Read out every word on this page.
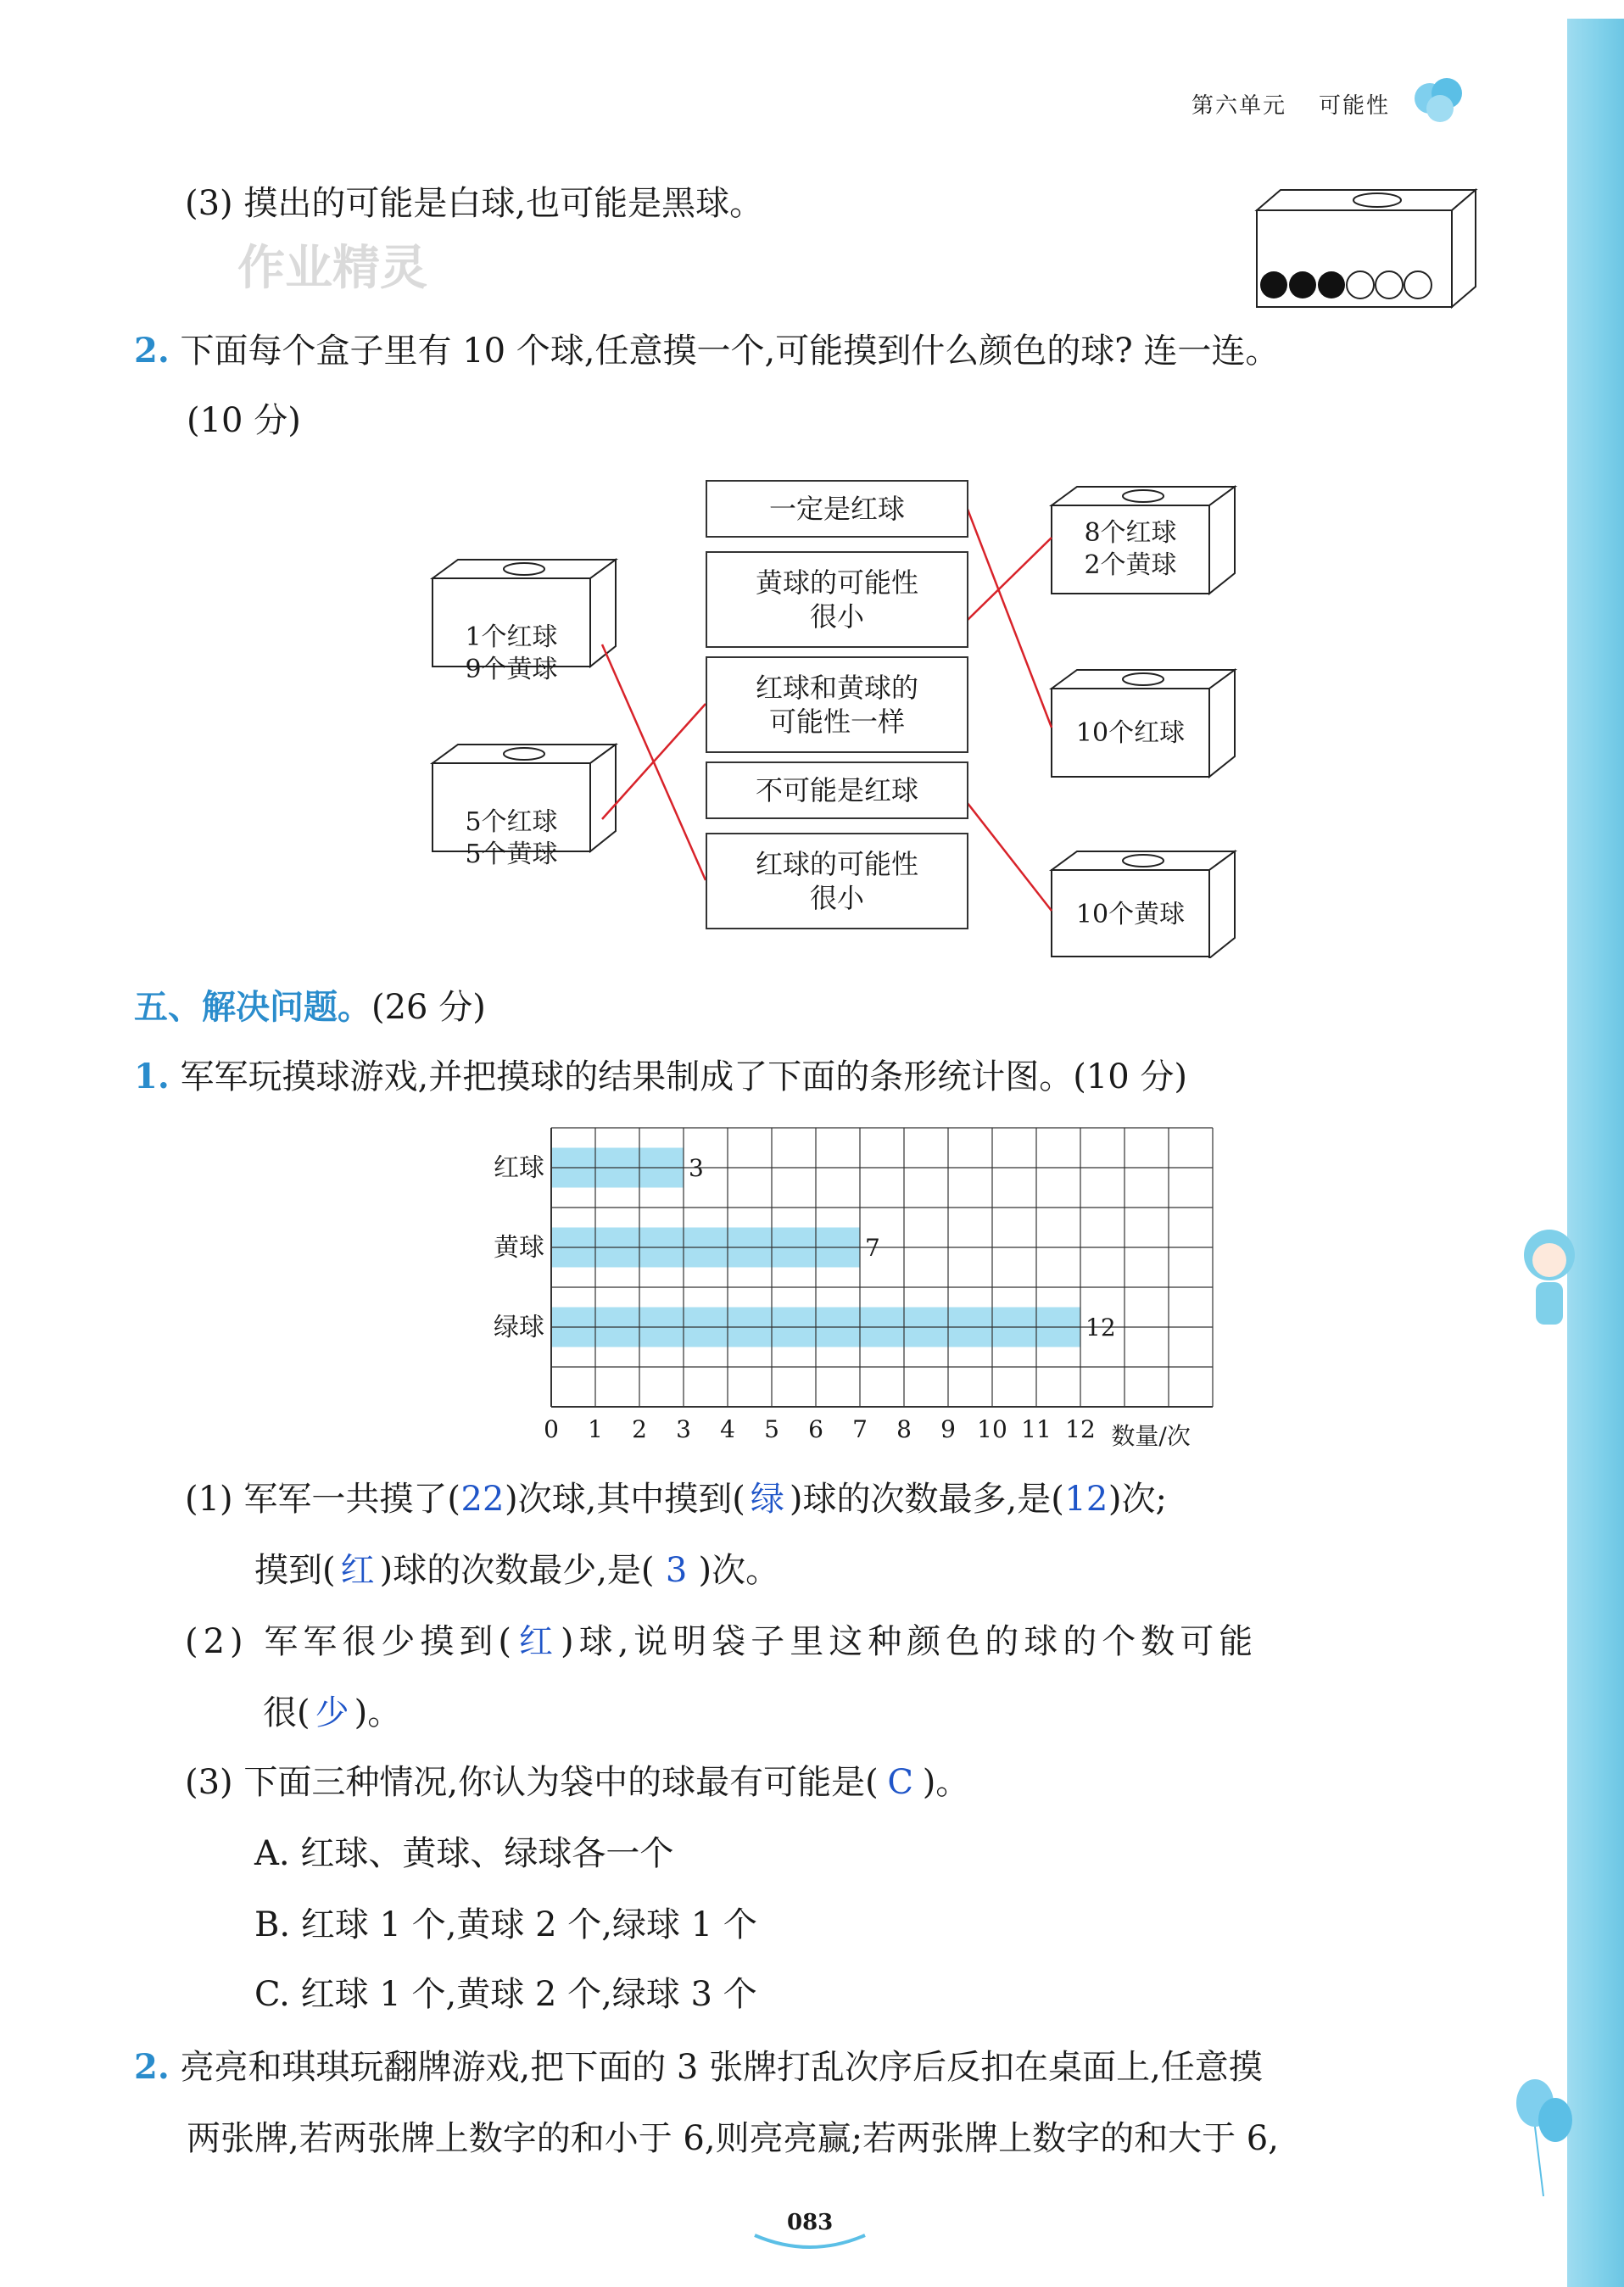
第六单元 可能性
(3) 摸出的可能是白球,也可能是黑球。
作业精灵
2. 下面每个盒子里有 10 个球,任意摸一个,可能摸到什么颜色的球? 连一连。
(10 分)
1个红球
9个黄球
5个红球
5个黄球
8个红球
2个黄球
10个红球
10个黄球
一定是红球
黄球的可能性
很小
红球和黄球的
可能性一样
不可能是红球
红球的可能性
很小
五、解决问题。(26 分)
1. 军军玩摸球游戏,并把摸球的结果制成了下面的条形统计图。(10 分)
红球	3
黄球	7
绿球	12
0 1 2 3 4 5 6 7 8 9 10 11 12 数量/次
(1) 军军一共摸了(22)次球,其中摸到( 绿 )球的次数最多,是(12)次;
摸到( 红 )球的次数最少,是( 3 )次。
(2) 军军很少摸到(红)球,说明袋子里这种颜色的球的个数可能
很( 少 )。
(3) 下面三种情况,你认为袋中的球最有可能是( C )。
A. 红球、黄球、绿球各一个
B. 红球 1 个,黄球 2 个,绿球 1 个
C. 红球 1 个,黄球 2 个,绿球 3 个
2. 亮亮和琪琪玩翻牌游戏,把下面的 3 张牌打乱次序后反扣在桌面上,任意摸
两张牌,若两张牌上数字的和小于 6,则亮亮赢;若两张牌上数字的和大于 6,
083
